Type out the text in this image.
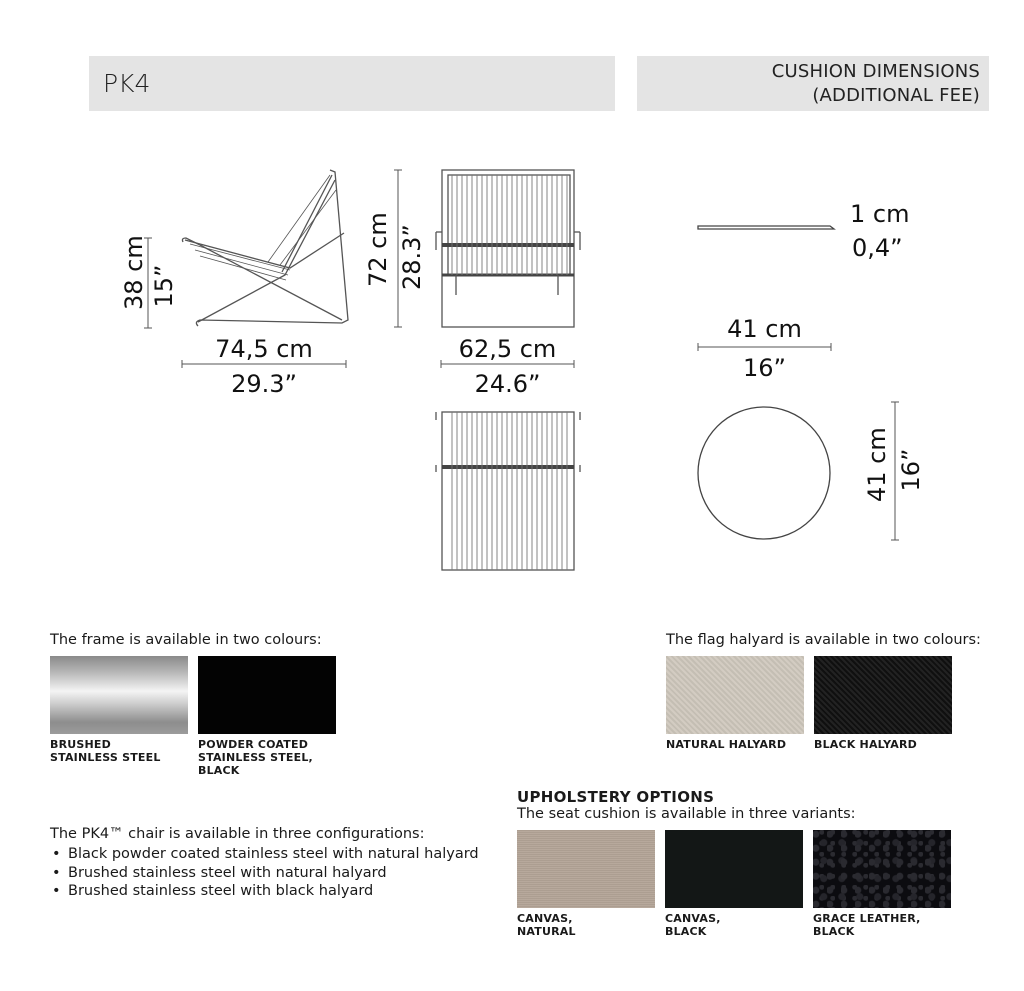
PK4	CUSHION DIMENSIONS
(ADDITIONAL FEE)
38 cm 15”
74,5 cm
29.3”
72 cm 28.3”
62,5 cm
24.6”
1 cm
0,4”
41 cm
16”
41 cm 16”
The frame is available in two colours:
BRUSHED
STAINLESS STEEL
POWDER COATED
STAINLESS STEEL,
BLACK
The flag halyard is available in two colours:
NATURAL HALYARD	BLACK HALYARD
UPHOLSTERY OPTIONS
The seat cushion is available in three variants:
CANVAS,
NATURAL
CANVAS,
BLACK
GRACE LEATHER,
BLACK
The PK4™ chair is available in three configurations:
• Black powder coated stainless steel with natural halyard
• Brushed stainless steel with natural halyard
• Brushed stainless steel with black halyard
